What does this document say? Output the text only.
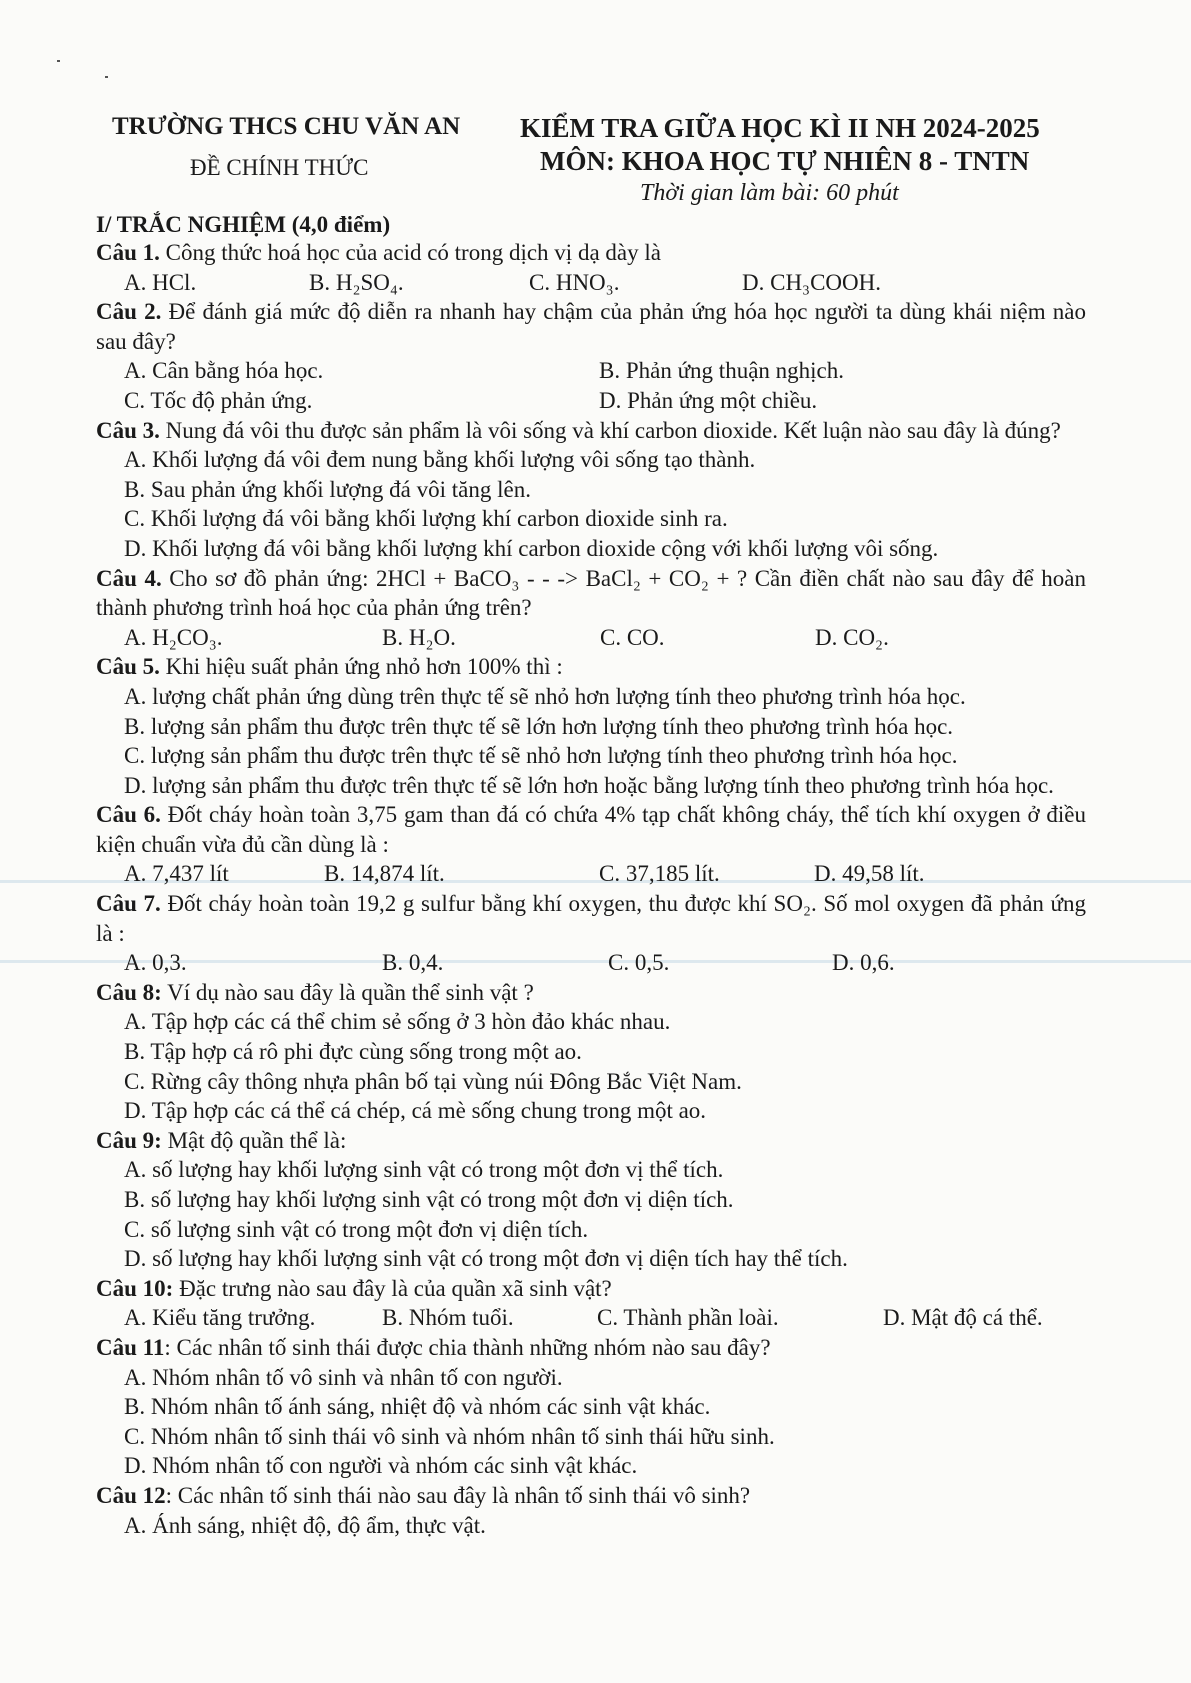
TRƯỜNG THCS CHU VĂN AN
ĐỀ CHÍNH THỨC
KIỂM TRA GIỮA HỌC KÌ II NH 2024-2025
MÔN: KHOA HỌC TỰ NHIÊN 8 - TNTN
Thời gian làm bài: 60 phút
I/ TRẮC NGHIỆM (4,0 điểm)

Câu 1. Công thức hoá học của acid có trong dịch vị dạ dày là

A. HCl.	B. H₂SO₄.	C. HNO₃.	D. CH₃COOH.

Câu 2. Để đánh giá mức độ diễn ra nhanh hay chậm của phản ứng hóa học người ta dùng khái niệm nào sau đây?

A. Cân bằng hóa học.	B. Phản ứng thuận nghịch.
C. Tốc độ phản ứng.	D. Phản ứng một chiều.

Câu 3. Nung đá vôi thu được sản phẩm là vôi sống và khí carbon dioxide. Kết luận nào sau đây là đúng?

A. Khối lượng đá vôi đem nung bằng khối lượng vôi sống tạo thành.

B. Sau phản ứng khối lượng đá vôi tăng lên.

C. Khối lượng đá vôi bằng khối lượng khí carbon dioxide sinh ra.

D. Khối lượng đá vôi bằng khối lượng khí carbon dioxide cộng với khối lượng vôi sống.

Câu 4. Cho sơ đồ phản ứng: 2HCl + BaCO₃ - - -> BaCl₂ + CO₂ + ? Cần điền chất nào sau đây để hoàn thành phương trình hoá học của phản ứng trên?

A. H₂CO₃.	B. H₂O.	C. CO.	D. CO₂.

Câu 5. Khi hiệu suất phản ứng nhỏ hơn 100% thì :

A. lượng chất phản ứng dùng trên thực tế sẽ nhỏ hơn lượng tính theo phương trình hóa học.

B. lượng sản phẩm thu được trên thực tế sẽ lớn hơn lượng tính theo phương trình hóa học.

C. lượng sản phẩm thu được trên thực tế sẽ nhỏ hơn lượng tính theo phương trình hóa học.

D. lượng sản phẩm thu được trên thực tế sẽ lớn hơn hoặc bằng lượng tính theo phương trình hóa học.

Câu 6. Đốt cháy hoàn toàn 3,75 gam than đá có chứa 4% tạp chất không cháy, thể tích khí oxygen ở điều kiện chuẩn vừa đủ cần dùng là :

A. 7,437 lít	B. 14,874 lít.	C. 37,185 lít.	D. 49,58 lít.

Câu 7. Đốt cháy hoàn toàn 19,2 g sulfur bằng khí oxygen, thu được khí SO₂. Số mol oxygen đã phản ứng là :

A. 0,3.	B. 0,4.	C. 0,5.	D. 0,6.

Câu 8: Ví dụ nào sau đây là quần thể sinh vật ?

A. Tập hợp các cá thể chim sẻ sống ở 3 hòn đảo khác nhau.

B. Tập hợp cá rô phi đực cùng sống trong một ao.

C. Rừng cây thông nhựa phân bố tại vùng núi Đông Bắc Việt Nam.

D. Tập hợp các cá thể cá chép, cá mè sống chung trong một ao.

Câu 9: Mật độ quần thể là:

A. số lượng hay khối lượng sinh vật có trong một đơn vị thể tích.

B. số lượng hay khối lượng sinh vật có trong một đơn vị diện tích.

C. số lượng sinh vật có trong một đơn vị diện tích.

D. số lượng hay khối lượng sinh vật có trong một đơn vị diện tích hay thể tích.

Câu 10: Đặc trưng nào sau đây là của quần xã sinh vật?

A. Kiểu tăng trưởng.	B. Nhóm tuổi.	C. Thành phần loài.	D. Mật độ cá thể.

Câu 11: Các nhân tố sinh thái được chia thành những nhóm nào sau đây?

A. Nhóm nhân tố vô sinh và nhân tố con người.

B. Nhóm nhân tố ánh sáng, nhiệt độ và nhóm các sinh vật khác.

C. Nhóm nhân tố sinh thái vô sinh và nhóm nhân tố sinh thái hữu sinh.

D. Nhóm nhân tố con người và nhóm các sinh vật khác.

Câu 12: Các nhân tố sinh thái nào sau đây là nhân tố sinh thái vô sinh?

A. Ánh sáng, nhiệt độ, độ ẩm, thực vật.
